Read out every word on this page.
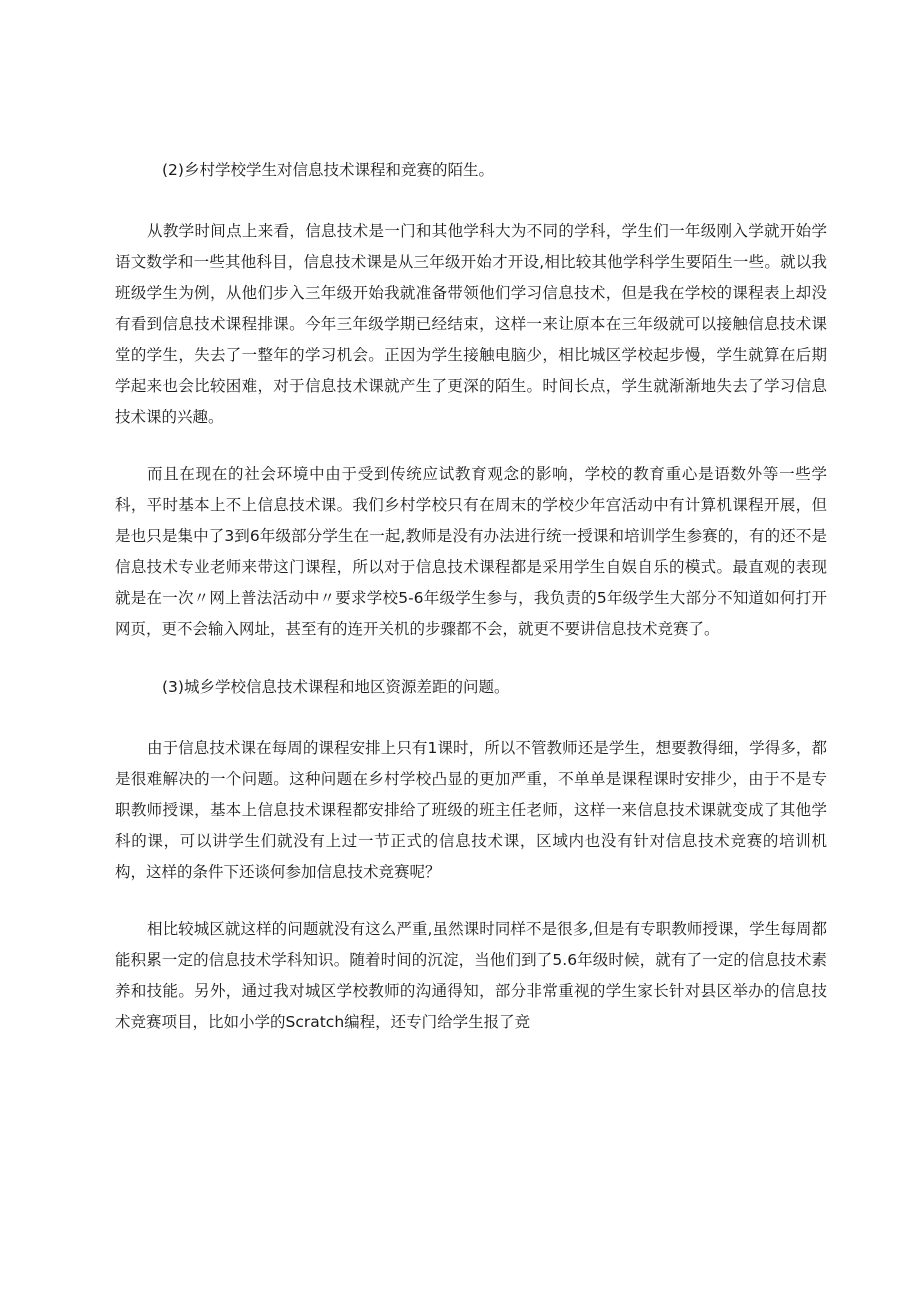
(2)乡村学校学生对信息技术课程和竞赛的陌生。

从教学时间点上来看，信息技术是一门和其他学科大为不同的学科，学生们一年级刚入学就开始学语文数学和一些其他科目，信息技术课是从三年级开始才开设,相比较其他学科学生要陌生一些。就以我班级学生为例，从他们步入三年级开始我就准备带领他们学习信息技术，但是我在学校的课程表上却没有看到信息技术课程排课。今年三年级学期已经结束，这样一来让原本在三年级就可以接触信息技术课堂的学生，失去了一整年的学习机会。正因为学生接触电脑少，相比城区学校起步慢，学生就算在后期学起来也会比较困难，对于信息技术课就产生了更深的陌生。时间长点，学生就渐渐地失去了学习信息技术课的兴趣。

而且在现在的社会环境中由于受到传统应试教育观念的影响，学校的教育重心是语数外等一些学科，平时基本上不上信息技术课。我们乡村学校只有在周末的学校少年宫活动中有计算机课程开展，但是也只是集中了3到6年级部分学生在一起,教师是没有办法进行统一授课和培训学生参赛的，有的还不是信息技术专业老师来带这门课程，所以对于信息技术课程都是采用学生自娱自乐的模式。最直观的表现就是在一次〃网上普法活动中〃要求学校5-6年级学生参与，我负责的5年级学生大部分不知道如何打开网页，更不会输入网址，甚至有的连开关机的步骤都不会，就更不要讲信息技术竞赛了。

(3)城乡学校信息技术课程和地区资源差距的问题。

由于信息技术课在每周的课程安排上只有1课时，所以不管教师还是学生，想要教得细，学得多，都是很难解决的一个问题。这种问题在乡村学校凸显的更加严重，不单单是课程课时安排少，由于不是专职教师授课，基本上信息技术课程都安排给了班级的班主任老师，这样一来信息技术课就变成了其他学科的课，可以讲学生们就没有上过一节正式的信息技术课，区域内也没有针对信息技术竞赛的培训机构，这样的条件下还谈何参加信息技术竞赛呢？

相比较城区就这样的问题就没有这么严重,虽然课时同样不是很多,但是有专职教师授课，学生每周都能积累一定的信息技术学科知识。随着时间的沉淀，当他们到了5.6年级时候，就有了一定的信息技术素养和技能。另外，通过我对城区学校教师的沟通得知，部分非常重视的学生家长针对县区举办的信息技术竞赛项目，比如小学的Scratch编程，还专门给学生报了竞
